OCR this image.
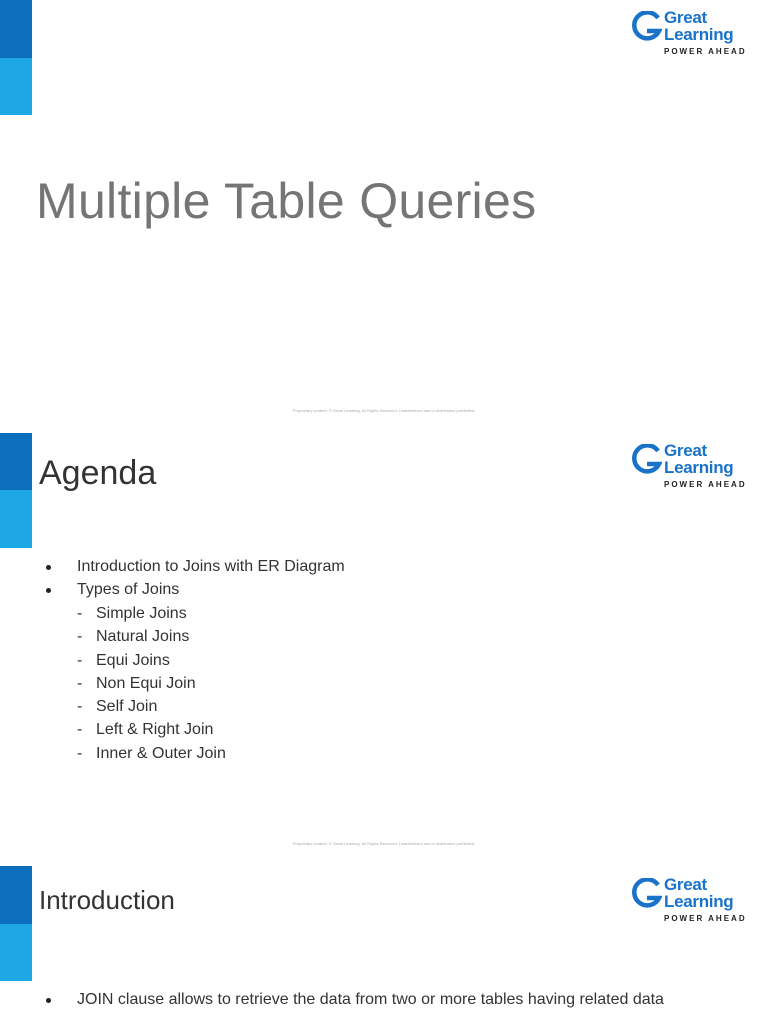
Great
Learning
POWER AHEAD
Multiple Table Queries
Proprietary content. © Great Learning. All Rights Reserved. Unauthorized use or distribution prohibited.
Great
Learning
POWER AHEAD
Agenda
Introduction to Joins with ER Diagram
Types of Joins
- Simple Joins
- Natural Joins
- Equi Joins
- Non Equi Join
- Self Join
- Left & Right Join
- Inner & Outer Join
Proprietary content. © Great Learning. All Rights Reserved. Unauthorized use or distribution prohibited.
Great
Learning
POWER AHEAD
Introduction
JOIN clause allows to retrieve the data from two or more tables having related data
